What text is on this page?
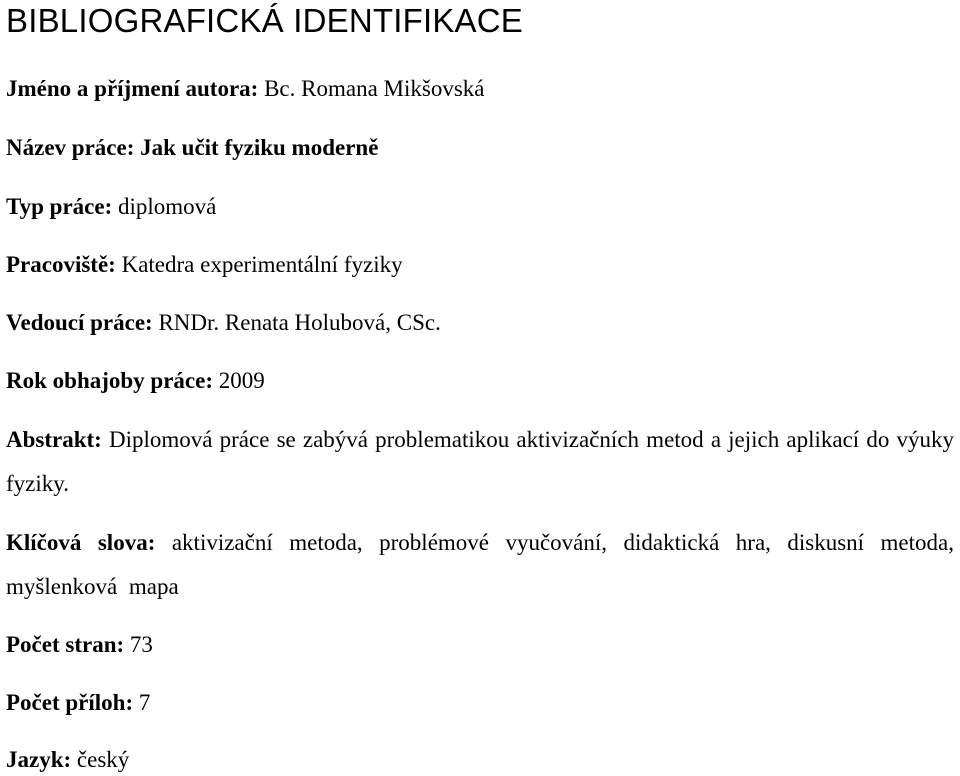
BIBLIOGRAFICKÁ IDENTIFIKACE

Jméno a příjmení autora: Bc. Romana Mikšovská

Název práce: Jak učit fyziku moderně

Typ práce: diplomová

Pracoviště: Katedra experimentální fyziky

Vedoucí práce: RNDr. Renata Holubová, CSc.

Rok obhajoby práce: 2009

Abstrakt: Diplomová práce se zabývá problematikou aktivizačních metod a jejich aplikací do výuky fyziky.

Klíčová slova: aktivizační metoda, problémové vyučování, didaktická hra, diskusní metoda, myšlenková mapa

Počet stran: 73

Počet příloh: 7

Jazyk: český
